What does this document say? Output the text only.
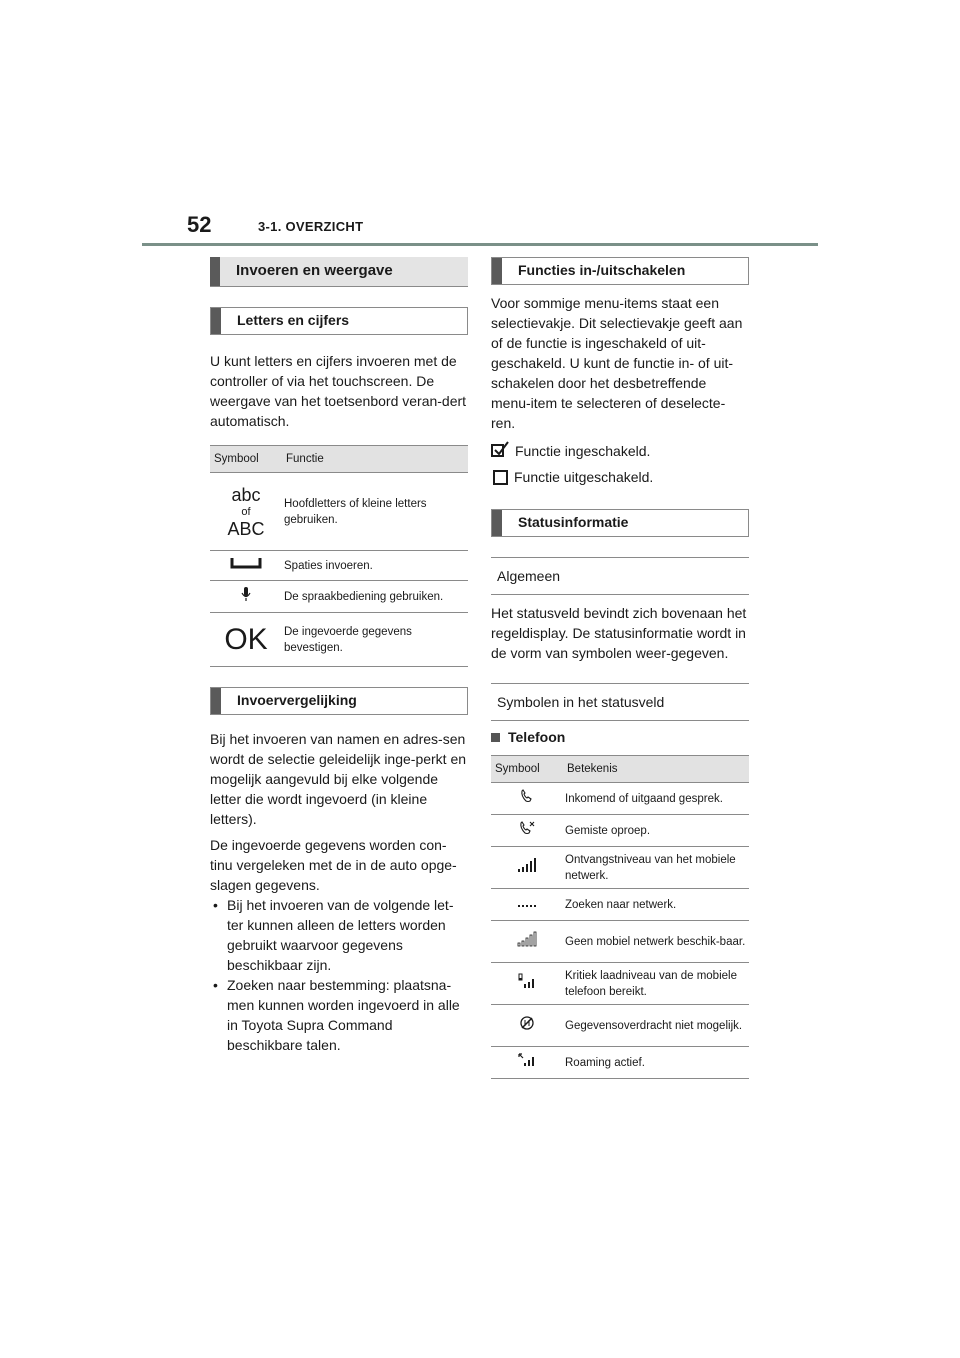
52	3-1. OVERZICHT
Invoeren en weergave
Letters en cijfers

U kunt letters en cijfers invoeren met de controller of via het touchscreen. De weergave van het toetsenbord veran-dert automatisch.

Symbool	Functie

abc
of
ABC	Hoofdletters of kleine letters gebruiken.
	Spaties invoeren.
	De spraakbediening gebruiken.
OK	De ingevoerde gegevens bevestigen.
Invoervergelijking

Bij het invoeren van namen en adres-sen wordt de selectie geleidelijk inge-perkt en mogelijk aangevuld bij elke volgende letter die wordt ingevoerd (in kleine letters).

De ingevoerde gegevens worden con-tinu vergeleken met de in de auto opge-slagen gegevens.

• Bij het invoeren van de volgende let-ter kunnen alleen de letters worden gebruikt waarvoor gegevens beschikbaar zijn.
• Zoeken naar bestemming: plaatsna-men kunnen worden ingevoerd in alle in Toyota Supra Command beschikbare talen.
Functies in-/uitschakelen

Voor sommige menu-items staat een selectievakje. Dit selectievakje geeft aan of de functie is ingeschakeld of uit-geschakeld. U kunt de functie in- of uit-schakelen door het desbetreffende menu-item te selecteren of deselecte-ren.

Functie ingeschakeld.
Functie uitgeschakeld.
Statusinformatie
Algemeen

Het statusveld bevindt zich bovenaan het regeldisplay. De statusinformatie wordt in de vorm van symbolen weer-gegeven.

Symbolen in het statusveld
Telefoon
Symbool	Betekenis
	Inkomend of uitgaand gesprek.
	Gemiste oproep.
	Ontvangstniveau van het mobiele netwerk.
	Zoeken naar netwerk.
	Geen mobiel netwerk beschik-baar.
	Kritiek laadniveau van de mobiele telefoon bereikt.
	Gegevensoverdracht niet mogelijk.
	Roaming actief.
